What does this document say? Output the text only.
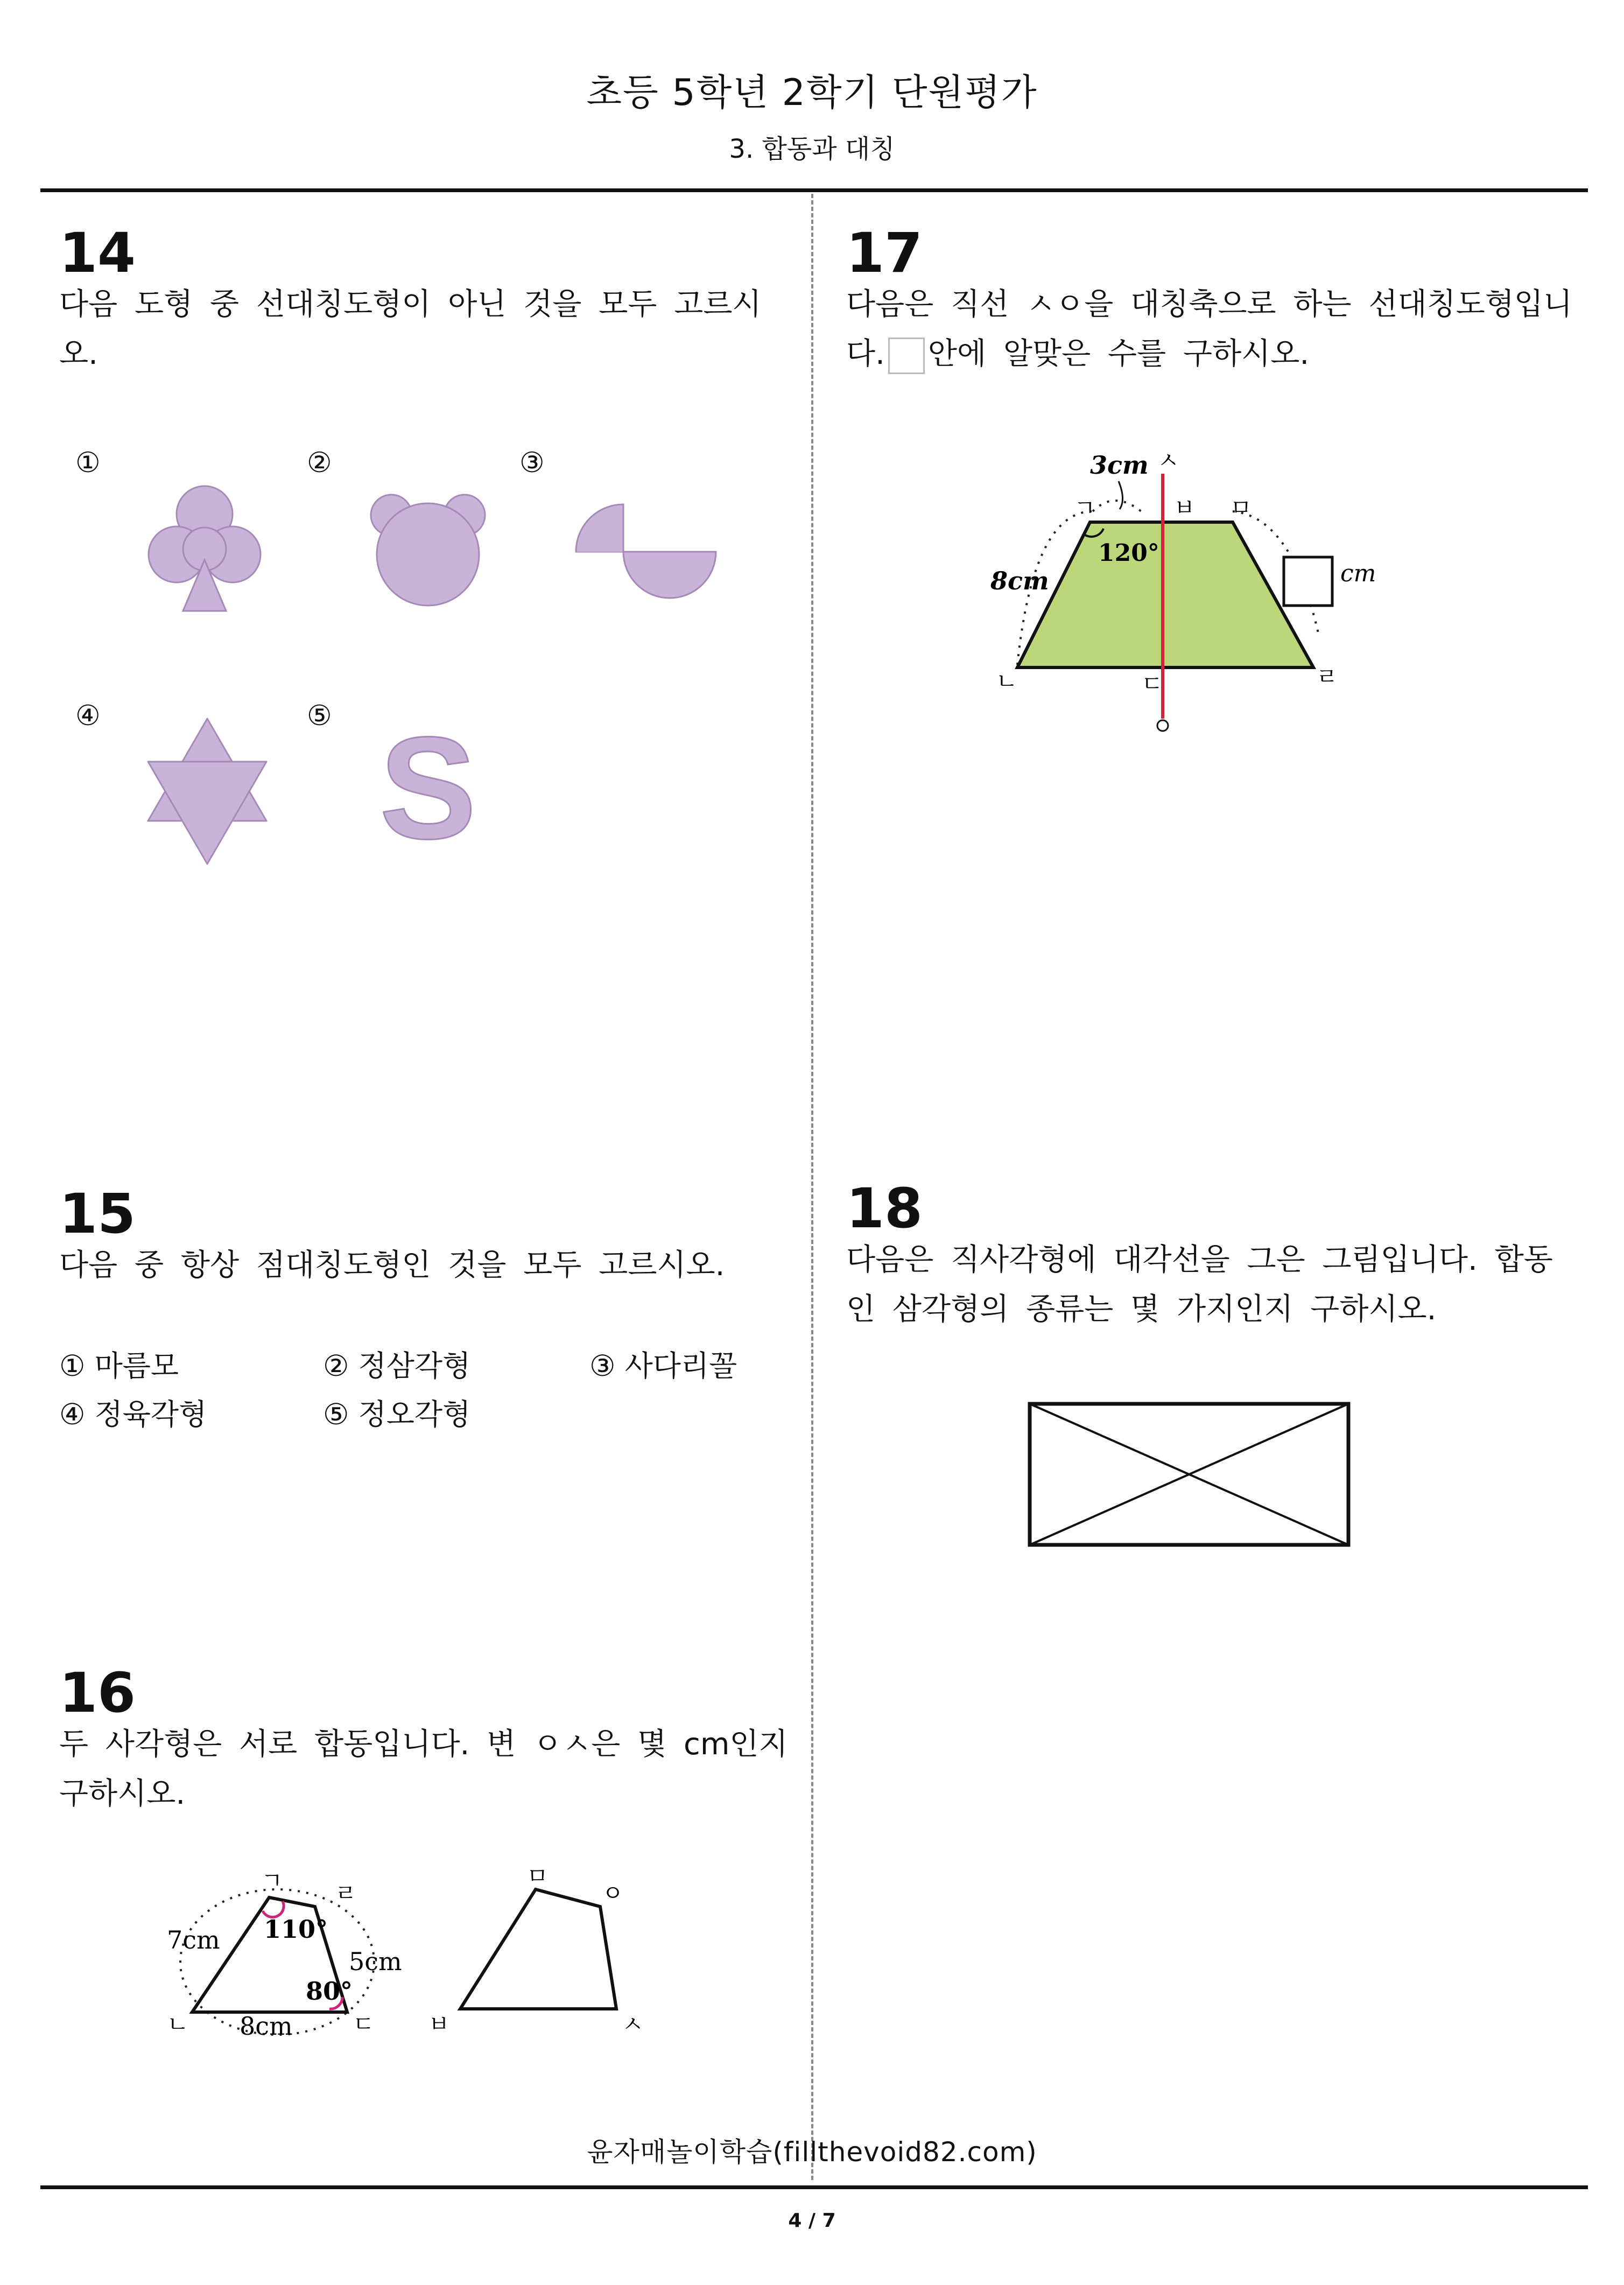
초등 5학년 2학기 단원평가
3. 합동과 대칭
14
다음 도형 중 선대칭도형이 아닌 것을 모두 고르시
오.
①	②	③
④	⑤ S
15
다음 중 항상 점대칭도형인 것을 모두 고르시오.
① 마름모	② 정삼각형	③ 사다리꼴
④ 정육각형	⑤ 정오각형
16
두 사각형은 서로 합동입니다. 변 ㅇㅅ은 몇 cm인지
구하시오.
ㄱ ㄹ
ㄴ	ㄷ
7cm
8cm
5cm
110°
80°
ㅁ
ㅇ
ㅂ	ㅅ
17
다음은 직선 ㅅㅇ을 대칭축으로 하는 선대칭도형입니
다. 안에 알맞은 수를 구하시오.
cm
3cm
8cm
120°
ㅅ
ㄱ	ㅂ ㅁ
ㄴ	ㄷ	ㄹ
18
다음은 직사각형에 대각선을 그은 그림입니다. 합동
인 삼각형의 종류는 몇 가지인지 구하시오.
윤자매놀이학습(fillthevoid82.com)
4 / 7
